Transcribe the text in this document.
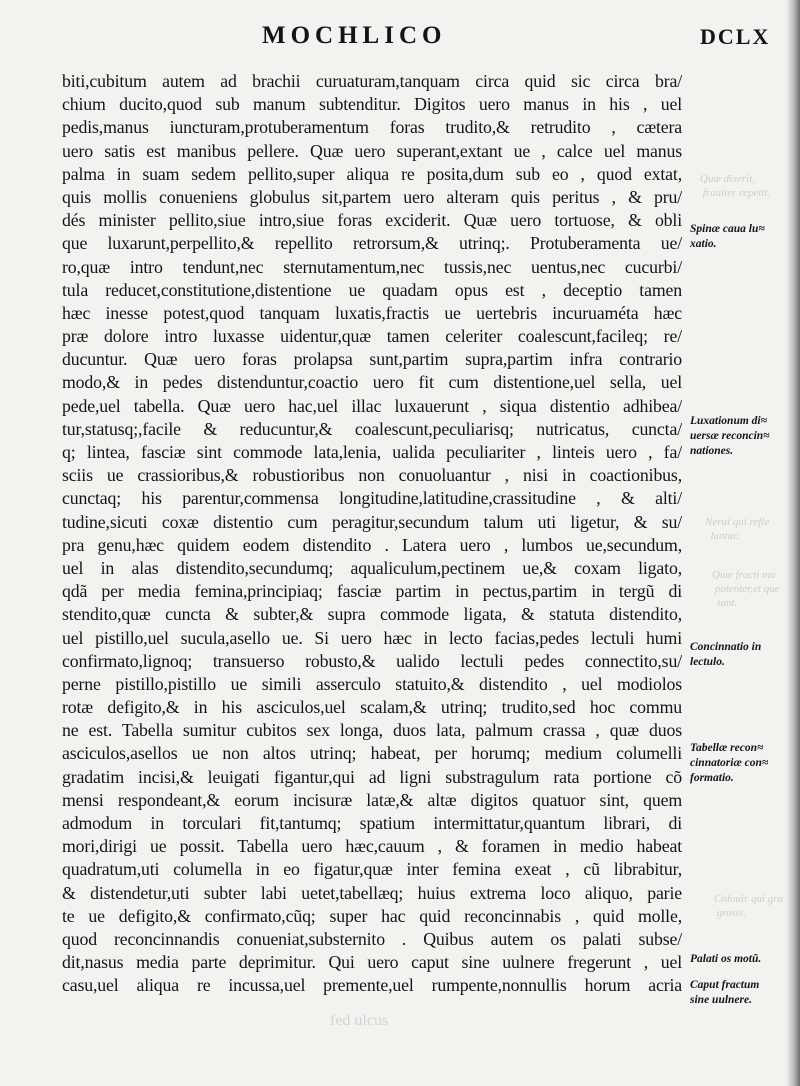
Quæ dixerit,
frauiter repetit.
Nerui qui refle
luntur.
Quæ fracti ma
potenter,et que
tant.
Colouir qui gra
grosis.
fed ulcus
MOCHLICO	DCLX
biti,cubitum autem ad brachii curuaturam,tanquam circa quid sic circa bra/
chium ducito,quod sub manum subtenditur. Digitos uero manus in his , uel
pedis,manus iuncturam,protuberamentum foras trudito,& retrudito , cætera
uero satis est manibus pellere. Quæ uero superant,extant ue , calce uel manus
palma in suam sedem pellito,super aliqua re posita,dum sub eo , quod extat,
quis mollis conueniens globulus sit,partem uero alteram quis peritus , & pru/
dés minister pellito,siue intro,siue foras exciderit. Quæ uero tortuose, & obli
que luxarunt,perpellito,& repellito retrorsum,& utrinq;. Protuberamenta ue/
ro,quæ intro tendunt,nec sternutamentum,nec tussis,nec uentus,nec cucurbi/
tula reducet,constitutione,distentione ue quadam opus est , deceptio tamen
hæc inesse potest,quod tanquam luxatis,fractis ue uertebris incuruaméta hæc
præ dolore intro luxasse uidentur,quæ tamen celeriter coalescunt,facileq; re/
ducuntur. Quæ uero foras prolapsa sunt,partim supra,partim infra contrario
modo,& in pedes distenduntur,coactio uero fit cum distentione,uel sella, uel
pede,uel tabella. Quæ uero hac,uel illac luxauerunt , siqua distentio adhibea/
tur,statusq;,facile & reducuntur,& coalescunt,peculiarisq; nutricatus, cuncta/
q; lintea, fasciæ sint commode lata,lenia, ualida peculiariter , linteis uero , fa/
sciis ue crassioribus,& robustioribus non conuoluantur , nisi in coactionibus,
cunctaq; his parentur,commensa longitudine,latitudine,crassitudine , & alti/
tudine,sicuti coxæ distentio cum peragitur,secundum talum uti ligetur, & su/
pra genu,hæc quidem eodem distendito . Latera uero , lumbos ue,secundum,
uel in alas distendito,secundumq; aqualiculum,pectinem ue,& coxam ligato,
qdã per media femina,principiaq; fasciæ partim in pectus,partim in tergũ di
stendito,quæ cuncta & subter,& supra commode ligata, & statuta distendito,
uel pistillo,uel sucula,asello ue. Si uero hæc in lecto facias,pedes lectuli humi
confirmato,lignoq; transuerso robusto,& ualido lectuli pedes connectito,su/
perne pistillo,pistillo ue simili asserculo statuito,& distendito , uel modiolos
rotæ defigito,& in his asciculos,uel scalam,& utrinq; trudito,sed hoc commu
ne est. Tabella sumitur cubitos sex longa, duos lata, palmum crassa , quæ duos
asciculos,asellos ue non altos utrinq; habeat, per horumq; medium columelli
gradatim incisi,& leuigati figantur,qui ad ligni substragulum rata portione cõ
mensi respondeant,& eorum incisuræ latæ,& altæ digitos quatuor sint, quem
admodum in torculari fit,tantumq; spatium intermittatur,quantum librari, di
mori,dirigi ue possit. Tabella uero hæc,cauum , & foramen in medio habeat
quadratum,uti columella in eo figatur,quæ inter femina exeat , cũ librabitur,
& distendetur,uti subter labi uetet,tabellæq; huius extrema loco aliquo, parie
te ue defigito,& confirmato,cũq; super hac quid reconcinnabis , quid molle,
quod reconcinnandis conueniat,substernito . Quibus autem os palati subse/
dit,nasus media parte deprimitur. Qui uero caput sine uulnere fregerunt , uel
casu,uel aliqua re incussa,uel premente,uel rumpente,nonnullis horum acria
Spinæ caua lu≈
xatio.
Luxationum di≈
uersæ reconcin≈
nationes.
Concinnatio in
lectulo.
Tabellæ recon≈
cinnatoriæ con≈
formatio.
Palati os motũ.
Caput fractum
sine uulnere.
